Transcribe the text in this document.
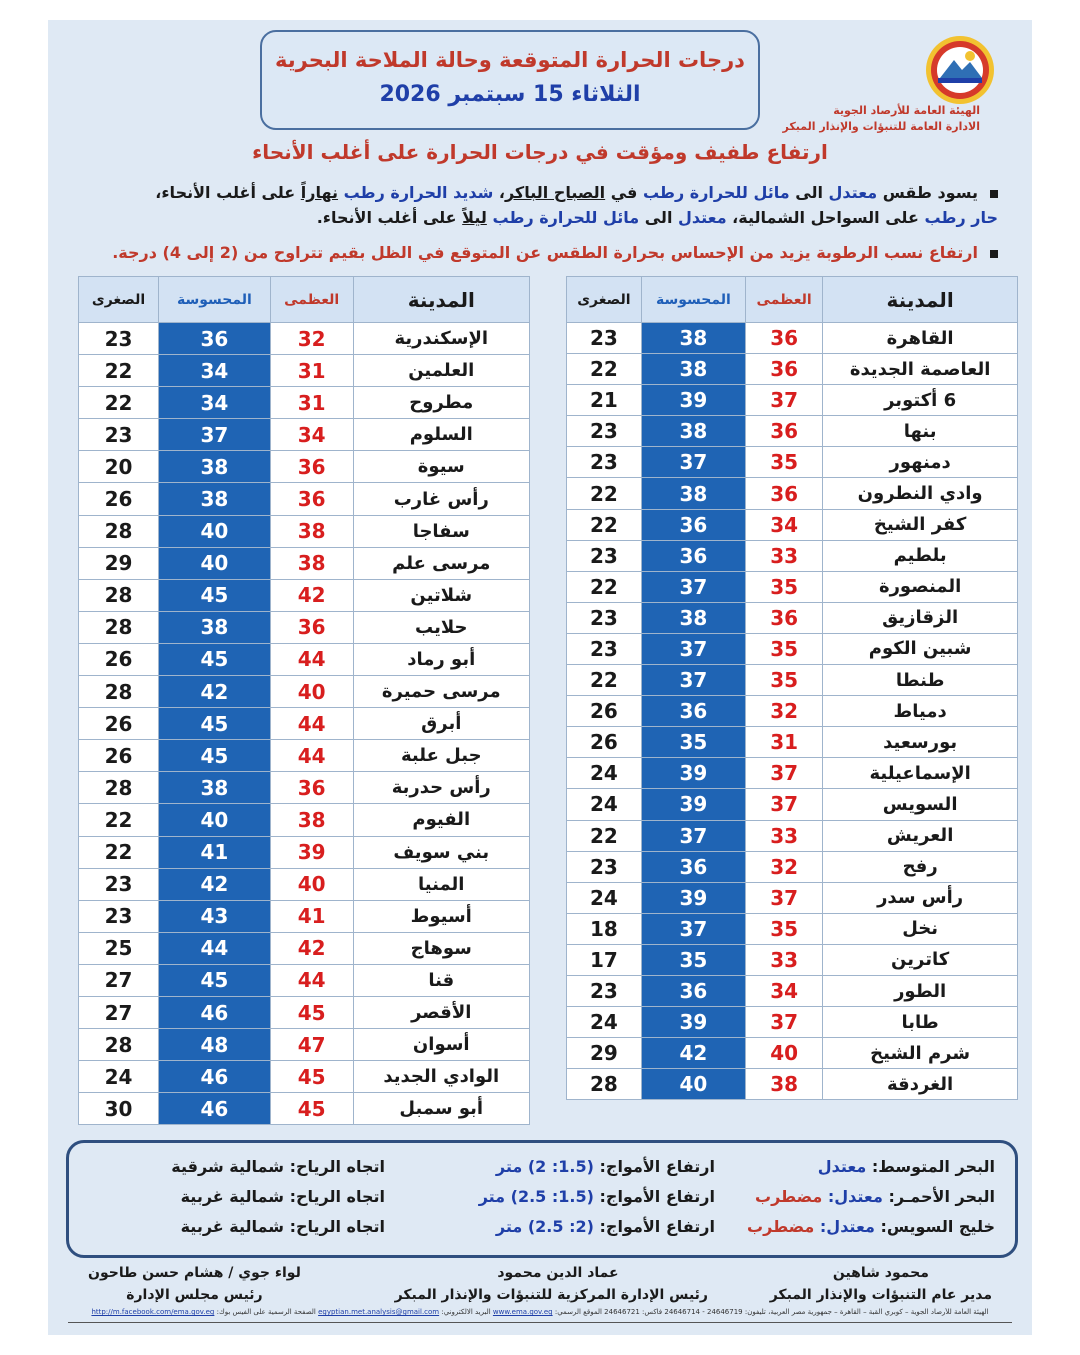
درجات الحرارة المتوقعة وحالة الملاحة البحرية
الثلاثاء 15 سبتمبر 2026
الهيئة العامة للأرصاد الجوية
الادارة العامة للتنبؤات والإنذار المبكر
ارتفاع طفيف ومؤقت في درجات الحرارة على أغلب الأنحاء
يسود طقس معتدل الى مائل للحرارة رطب في الصباح الباكر، شديد الحرارة رطب نهاراً على أغلب الأنحاء،
حار رطب على السواحل الشمالية، معتدل الى مائل للحرارة رطب ليلاً على أغلب الأنحاء.
ارتفاع نسب الرطوبة يزيد من الإحساس بحرارة الطقس عن المتوقع في الظل بقيم تتراوح من (2 إلى 4) درجة.
المدينة	العظمى	المحسوسة	الصغرى
القاهرة	36	38	23
العاصمة الجديدة	36	38	22
6 أكتوبر	37	39	21
بنها	36	38	23
دمنهور	35	37	23
وادي النطرون	36	38	22
كفر الشيخ	34	36	22
بلطيم	33	36	23
المنصورة	35	37	22
الزقازيق	36	38	23
شبين الكوم	35	37	23
طنطا	35	37	22
دمياط	32	36	26
بورسعيد	31	35	26
الإسماعيلية	37	39	24
السويس	37	39	24
العريش	33	37	22
رفح	32	36	23
رأس سدر	37	39	24
نخل	35	37	18
كاترين	33	35	17
الطور	34	36	23
طابا	37	39	24
شرم الشيخ	40	42	29
الغردقة	38	40	28
المدينة	العظمى	المحسوسة	الصغرى
الإسكندرية	32	36	23
العلمين	31	34	22
مطروح	31	34	22
السلوم	34	37	23
سيوة	36	38	20
رأس غارب	36	38	26
سفاجا	38	40	28
مرسى علم	38	40	29
شلاتين	42	45	28
حلايب	36	38	28
أبو رماد	44	45	26
مرسى حميرة	40	42	28
أبرق	44	45	26
جبل علبة	44	45	26
رأس حدربة	36	38	28
الفيوم	38	40	22
بني سويف	39	41	22
المنيا	40	42	23
أسيوط	41	43	23
سوهاج	42	44	25
قنا	44	45	27
الأقصر	45	46	27
أسوان	47	48	28
الوادي الجديد	45	46	24
أبو سمبل	45	46	30
البحر المتوسط: معتدل
ارتفاع الأمواج: (1.5: 2) متر
اتجاه الرياح: شمالية شرقية
البحر الأحمـر: معتدل: مضطرب
ارتفاع الأمواج: (1.5: 2.5) متر
اتجاه الرياح: شمالية غربية
خليج السويس: معتدل: مضطرب
ارتفاع الأمواج: (2: 2.5) متر
اتجاه الرياح: شمالية غربية
محمود شاهين
مدير عام التنبؤات والإنذار المبكر
عماد الدين محمود
رئيس الإدارة المركزية للتنبؤات والإنذار المبكر
لواء جوي / هشام حسن طاحون
رئيس مجلس الإدارة
الهيئة العامة للأرصاد الجوية – كوبري القبة – القاهرة – جمهورية مصر العربية، تليفون: 24646719 - 24646714 فاكس: 24646721 الموقع الرسمي: www.ema.gov.eg البريد الالكتروني: egyptian.met.analysis@gmail.com الصفحة الرسمية على الفيس بوك: http://m.facebook.com/ema.gov.eg
